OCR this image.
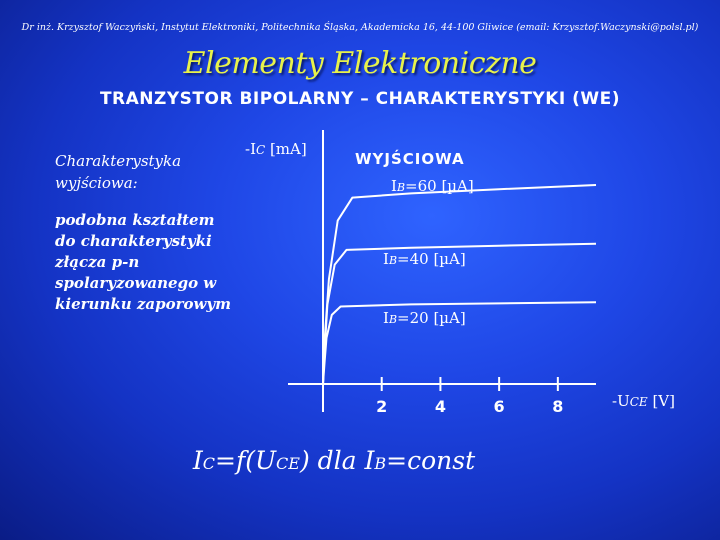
Dr inż. Krzysztof Waczyński, Instytut Elektroniki, Politechnika Śląska, Akademicka 16, 44-100 Gliwice (email: Krzysztof.Waczynski@polsl.pl)
Elementy Elektroniczne
TRANZYSTOR BIPOLARNY – CHARAKTERYSTYKI (WE)
Charakterystyka wyjściowa:
podobna kształtem do charakterystyki złącza p-n spolaryzowanego w kierunku zaporowym
2	4	6	8
-IC [mA]
WYJŚCIOWA
IB=60 [µA]
IB=40 [µA]
IB=20 [µA]
-UCE [V]
IC=f(UCE) dla IB=const
